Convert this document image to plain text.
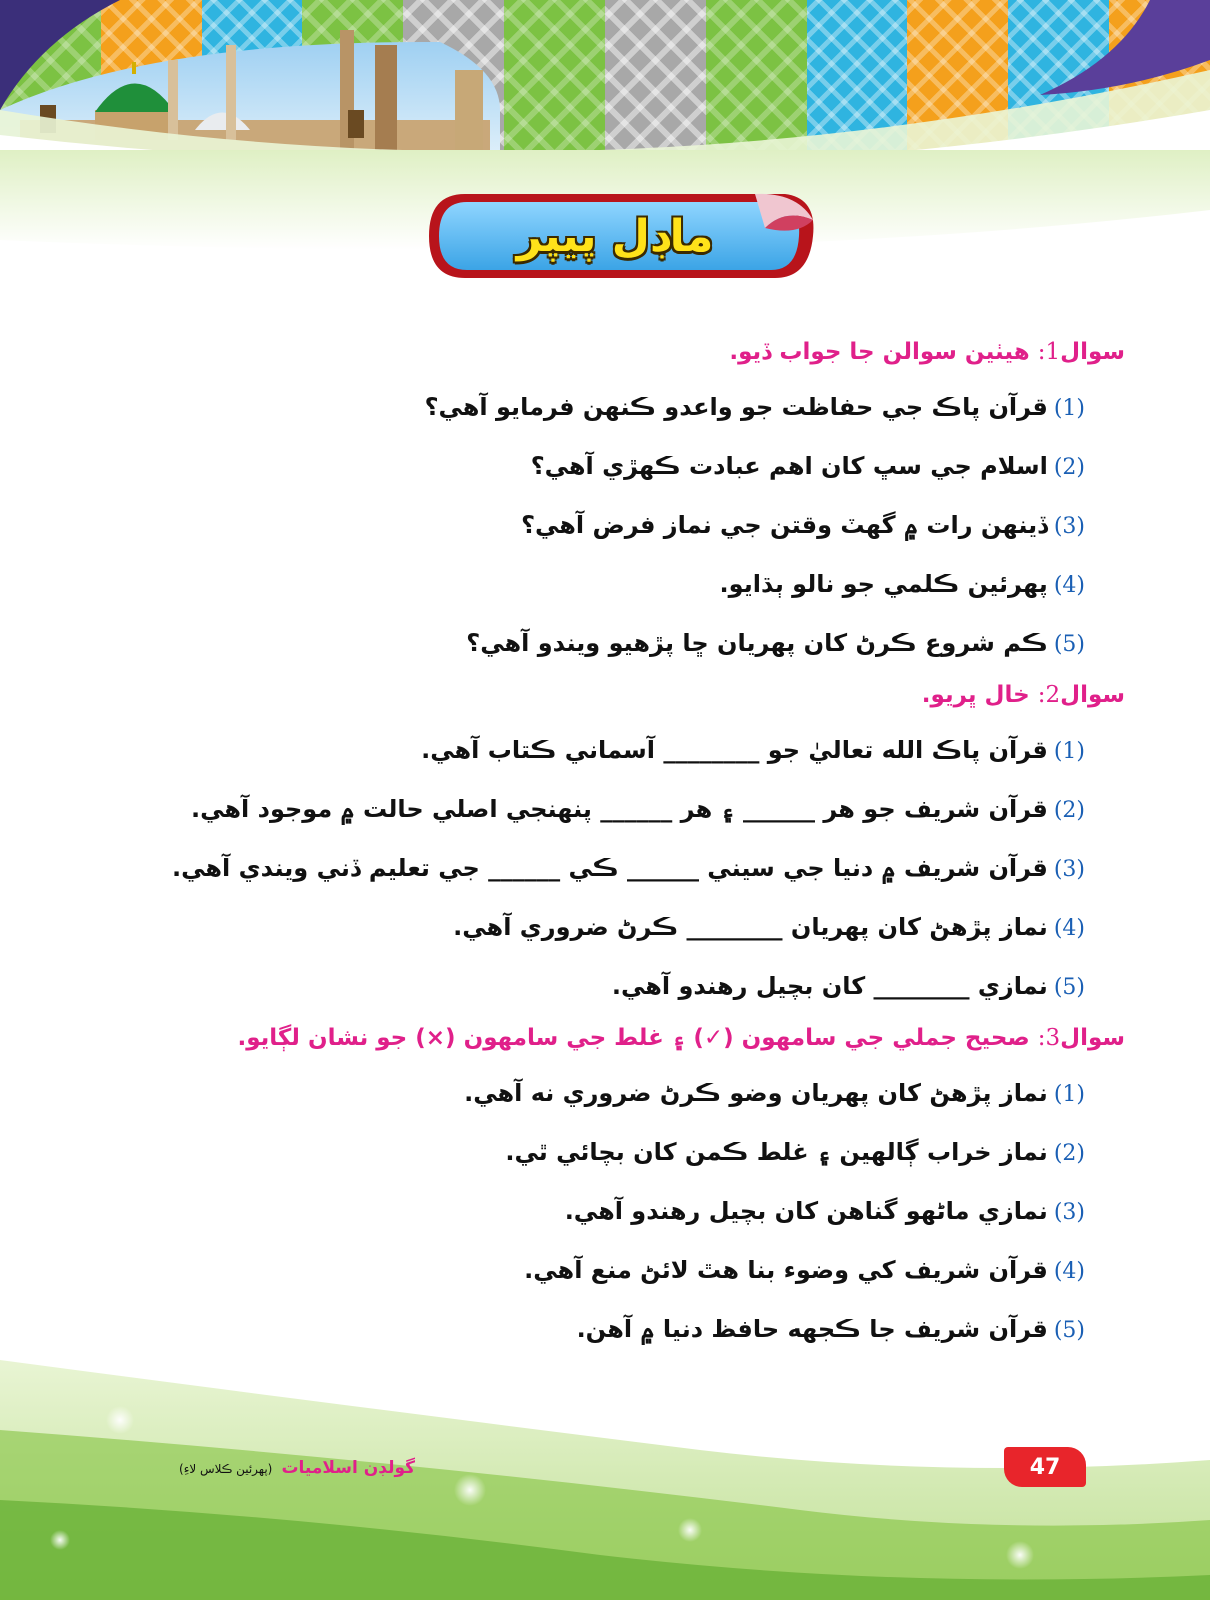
ماڊل پيپر
سوال1: هيٺين سوالن جا جواب ڏيو.
(1)قرآن پاڪ جي حفاظت جو واعدو ڪنهن فرمايو آهي؟
(2)اسلام جي سڀ کان اهم عبادت ڪهڙي آهي؟
(3)ڏينهن رات ۾ گهٽ وقتن جي نماز فرض آهي؟
(4)پهرئين ڪلمي جو نالو ٻڌايو.
(5)ڪم شروع ڪرڻ کان پهريان ڇا پڙهيو ويندو آهي؟
سوال2: خال ڀريو.
(1)قرآن پاڪ الله تعاليٰ جو ________ آسماني ڪتاب آهي.
(2)قرآن شريف جو هر ______ ۽ هر ______ پنهنجي اصلي حالت ۾ موجود آهي.
(3)قرآن شريف ۾ دنيا جي سيني ______ ڪي ______ جي تعليم ڏني ويندي آهي.
(4)نماز پڙهڻ کان پهريان ________ ڪرڻ ضروري آهي.
(5)نمازي ________ کان بچيل رهندو آهي.
سوال3: صحيح جملي جي سامهون (✓) ۽ غلط جي سامهون (×) جو نشان لڳايو.
(1)نماز پڙهڻ کان پهريان وضو ڪرڻ ضروري نه آهي.
(2)نماز خراب ڳالهين ۽ غلط ڪمن کان بچائي ٿي.
(3)نمازي ماڻهو گناهن کان بچيل رهندو آهي.
(4)قرآن شريف کي وضوء بنا هٿ لائڻ منع آهي.
(5)قرآن شريف جا ڪجهه حافظ دنيا ۾ آهن.
47
گولڊن اسلاميات (پهرئين ڪلاس لاءِ)
